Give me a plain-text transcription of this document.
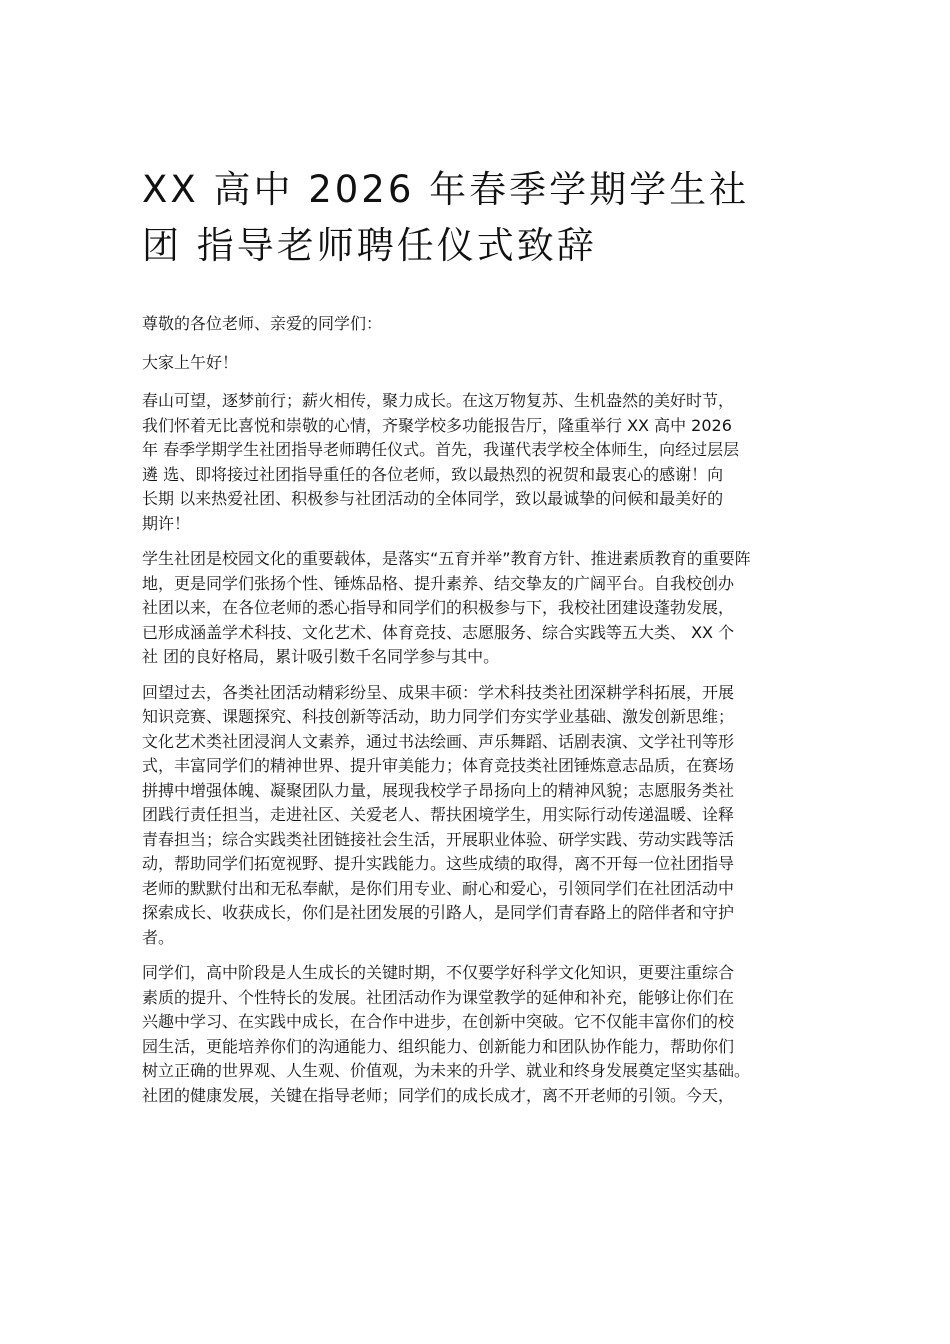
XX 高中 2026 年春季学期学生社
团 指导老师聘任仪式致辞

尊敬的各位老师、亲爱的同学们：

大家上午好！

春山可望，逐梦前行；薪火相传，聚力成长。在这万物复苏、生机盎然的美好时节，
我们怀着无比喜悦和崇敬的心情，齐聚学校多功能报告厅，隆重举行 XX 高中 2026
年 春季学期学生社团指导老师聘任仪式。首先，我谨代表学校全体师生，向经过层层
遴 选、即将接过社团指导重任的各位老师，致以最热烈的祝贺和最衷心的感谢！向
长期 以来热爱社团、积极参与社团活动的全体同学，致以最诚挚的问候和最美好的
期许！

学生社团是校园文化的重要载体，是落实“五育并举”教育方针、推进素质教育的重要阵
地，更是同学们张扬个性、锤炼品格、提升素养、结交挚友的广阔平台。自我校创办
社团以来，在各位老师的悉心指导和同学们的积极参与下，我校社团建设蓬勃发展，
已形成涵盖学术科技、文化艺术、体育竞技、志愿服务、综合实践等五大类、 XX 个
社 团的良好格局，累计吸引数千名同学参与其中。

回望过去，各类社团活动精彩纷呈、成果丰硕：学术科技类社团深耕学科拓展，开展
知识竞赛、课题探究、科技创新等活动，助力同学们夯实学业基础、激发创新思维；
文化艺术类社团浸润人文素养，通过书法绘画、声乐舞蹈、话剧表演、文学社刊等形
式，丰富同学们的精神世界、提升审美能力；体育竞技类社团锤炼意志品质，在赛场
拼搏中增强体魄、凝聚团队力量，展现我校学子昂扬向上的精神风貌；志愿服务类社
团践行责任担当，走进社区、关爱老人、帮扶困境学生，用实际行动传递温暖、诠释
青春担当；综合实践类社团链接社会生活，开展职业体验、研学实践、劳动实践等活
动，帮助同学们拓宽视野、提升实践能力。这些成绩的取得，离不开每一位社团指导
老师的默默付出和无私奉献，是你们用专业、耐心和爱心，引领同学们在社团活动中
探索成长、收获成长，你们是社团发展的引路人，是同学们青春路上的陪伴者和守护
者。

同学们，高中阶段是人生成长的关键时期，不仅要学好科学文化知识，更要注重综合
素质的提升、个性特长的发展。社团活动作为课堂教学的延伸和补充，能够让你们在
兴趣中学习、在实践中成长，在合作中进步，在创新中突破。它不仅能丰富你们的校
园生活，更能培养你们的沟通能力、组织能力、创新能力和团队协作能力，帮助你们
树立正确的世界观、人生观、价值观，为未来的升学、就业和终身发展奠定坚实基础。
社团的健康发展，关键在指导老师；同学们的成长成才，离不开老师的引领。今天，
